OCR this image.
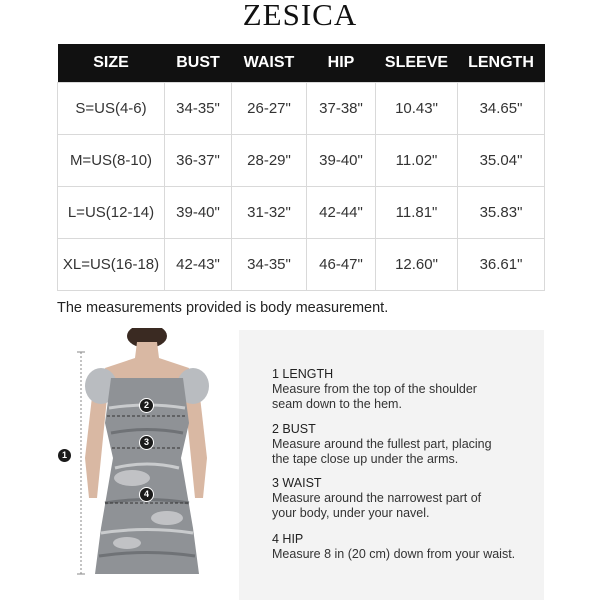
ZESICA
SIZE	BUST	WAIST	HIP	SLEEVE	LENGTH
S=US(4-6)	34-35"	26-27"	37-38"	10.43"	34.65"
M=US(8-10)	36-37"	28-29"	39-40"	11.02"	35.04"
L=US(12-14)	39-40"	31-32"	42-44"	11.81"	35.83"
XL=US(16-18)	42-43"	34-35"	46-47"	12.60"	36.61"
The measurements provided is body measurement.
1
2
3
4
1 LENGTH
Measure from the top of the shoulder
seam down to the hem.
2 BUST
Measure around the fullest part, placing
the tape close up under the arms.
3 WAIST
Measure around the narrowest part of
your body, under your navel.
4 HIP
Measure 8 in (20 cm) down from your waist.
